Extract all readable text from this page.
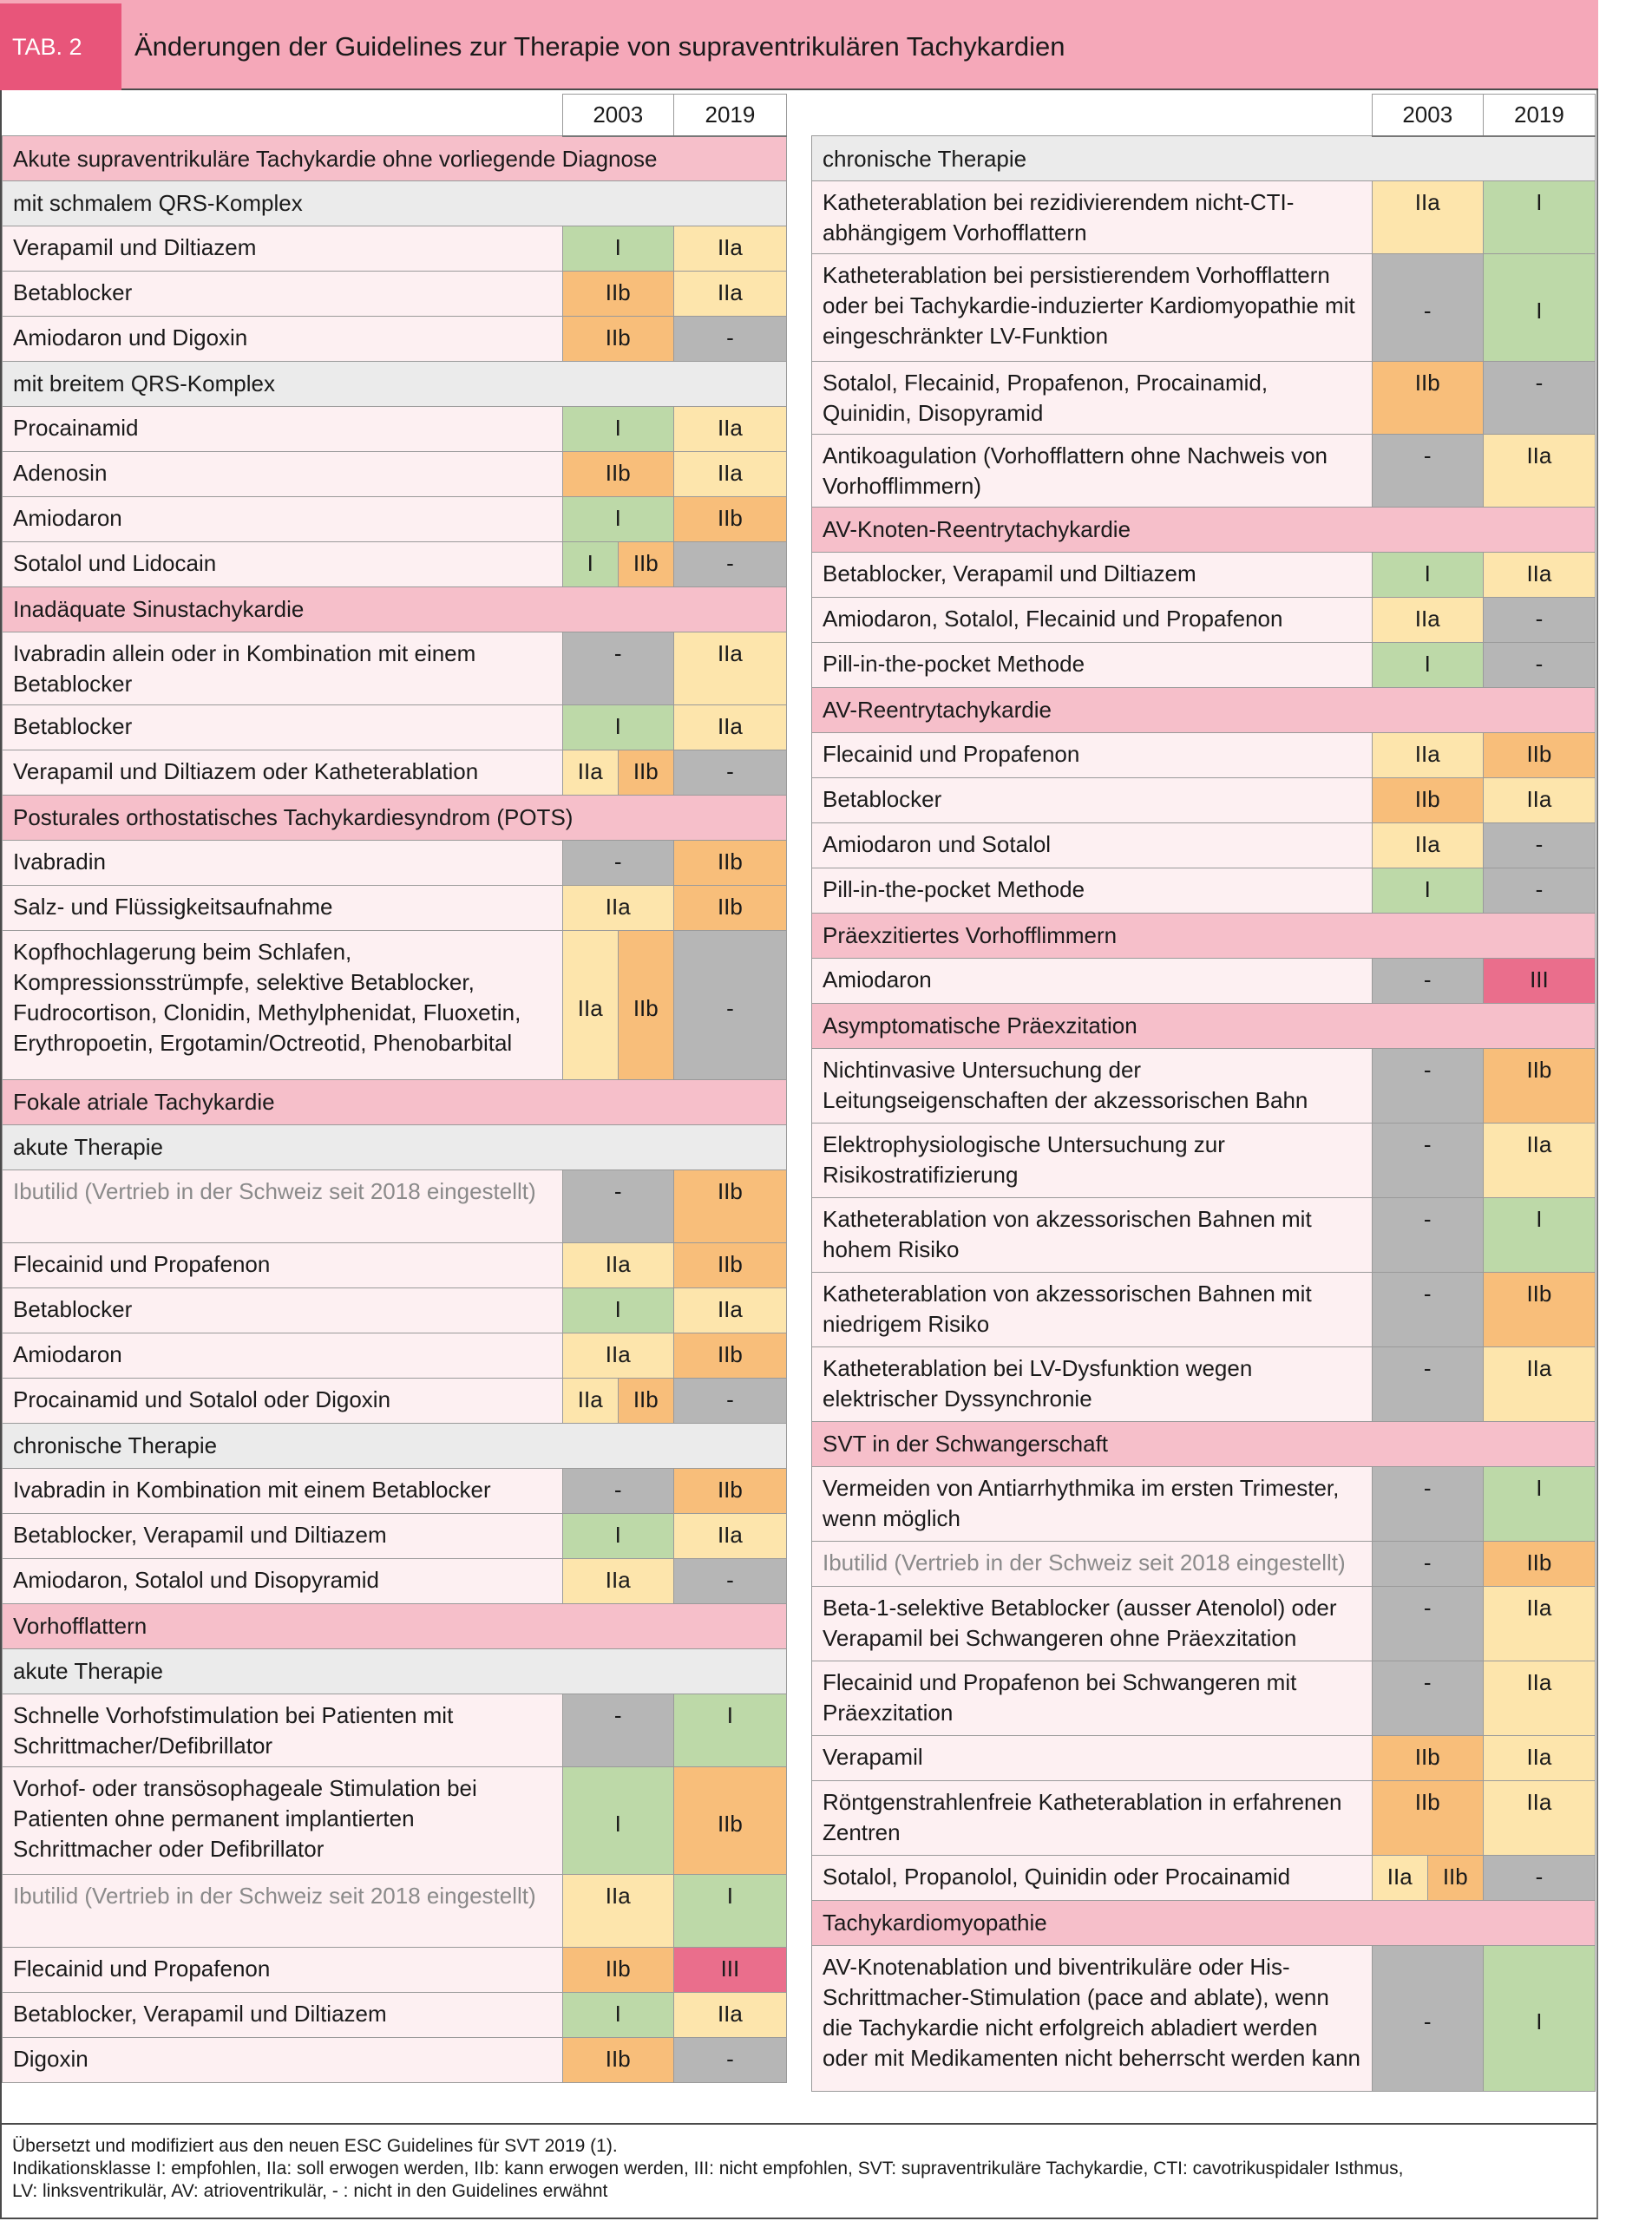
TAB. 2	Änderungen der Guidelines zur Therapie von supraventrikulären Tachykardien
	2003		2019
Akute supraventrikuläre Tachykardie ohne vorliegende Diagnose			
mit schmalem QRS-Komplex			
Verapamil und Diltiazem	I		IIa
Betablocker	IIb		IIa
Amiodaron und Digoxin	IIb		-
mit breitem QRS-Komplex			
Procainamid	I		IIa
Adenosin	IIb		IIa
Amiodaron	I		IIb
Sotalol und Lidocain	I	IIb	-
Inadäquate Sinustachykardie			
Ivabradin allein oder in Kombination mit einem Betablocker	-		IIa
Betablocker	I		IIa
Verapamil und Diltiazem oder Katheterablation	IIa	IIb	-
Posturales orthostatisches Tachykardiesyndrom (POTS)			
Ivabradin	-		IIb
Salz- und Flüssigkeitsaufnahme	IIa		IIb
Kopfhochlagerung beim Schlafen, Kompressionsstrümpfe, selektive Betablocker, Fudrocortison, Clonidin, Methylphenidat, Fluoxetin, Erythropoetin, Ergotamin/Octreotid, Phenobarbital	IIa	IIb	-
Fokale atriale Tachykardie			
akute Therapie			
Ibutilid (Vertrieb in der Schweiz seit 2018 eingestellt)	-		IIb
Flecainid und Propafenon	IIa		IIb
Betablocker	I		IIa
Amiodaron	IIa		IIb
Procainamid und Sotalol oder Digoxin	IIa	IIb	-
chronische Therapie			
Ivabradin in Kombination mit einem Betablocker	-		IIb
Betablocker, Verapamil und Diltiazem	I		IIa
Amiodaron, Sotalol und Disopyramid	IIa		-
Vorhofflattern			
akute Therapie			
Schnelle Vorhofstimulation bei Patienten mit Schrittmacher/Defibrillator	-		I
Vorhof- oder transösophageale Stimulation bei Patienten ohne permanent implantierten Schrittmacher oder Defibrillator	I		IIb
Ibutilid (Vertrieb in der Schweiz seit 2018 eingestellt)	IIa		I
Flecainid und Propafenon	IIb		III
Betablocker, Verapamil und Diltiazem	I		IIa
Digoxin	IIb		-
	2003		2019
chronische Therapie			
Katheterablation bei rezidivierendem nicht-CTI-abhängigem Vorhofflattern	IIa		I
Katheterablation bei persistierendem Vorhofflattern oder bei Tachykardie-induzierter Kardiomyopathie mit eingeschränkter LV-Funktion	-		I
Sotalol, Flecainid, Propafenon, Procainamid, Quinidin, Disopyramid	IIb		-
Antikoagulation (Vorhofflattern ohne Nachweis von Vorhofflimmern)	-		IIa
AV-Knoten-Reentrytachykardie			
Betablocker, Verapamil und Diltiazem	I		IIa
Amiodaron, Sotalol, Flecainid und Propafenon	IIa		-
Pill-in-the-pocket Methode	I		-
AV-Reentrytachykardie			
Flecainid und Propafenon	IIa		IIb
Betablocker	IIb		IIa
Amiodaron und Sotalol	IIa		-
Pill-in-the-pocket Methode	I		-
Präexzitiertes Vorhofflimmern			
Amiodaron	-		III
Asymptomatische Präexzitation			
Nichtinvasive Untersuchung der Leitungseigenschaften der akzessorischen Bahn	-		IIb
Elektrophysiologische Untersuchung zur Risikostratifizierung	-		IIa
Katheterablation von akzessorischen Bahnen mit hohem Risiko	-		I
Katheterablation von akzessorischen Bahnen mit niedrigem Risiko	-		IIb
Katheterablation bei LV-Dysfunktion wegen elektrischer Dyssynchronie	-		IIa
SVT in der Schwangerschaft			
Vermeiden von Antiarrhythmika im ersten Trimester, wenn möglich	-		I
Ibutilid (Vertrieb in der Schweiz seit 2018 eingestellt)	-		IIb
Beta-1-selektive Betablocker (ausser Atenolol) oder Verapamil bei Schwangeren ohne Präexzitation	-		IIa
Flecainid und Propafenon bei Schwangeren mit Präexzitation	-		IIa
Verapamil	IIb		IIa
Röntgenstrahlenfreie Katheterablation in erfahrenen Zentren	IIb		IIa
Sotalol, Propanolol, Quinidin oder Procainamid	IIa	IIb	-
Tachykardiomyopathie			
AV-Knotenablation und biventrikuläre oder His-Schrittmacher-Stimulation (pace and ablate), wenn die Tachykardie nicht erfolgreich abladiert werden oder mit Medikamenten nicht beherrscht werden kann	-		I
Übersetzt und modifiziert aus den neuen ESC Guidelines für SVT 2019 (1).
Indikationsklasse I: empfohlen, IIa: soll erwogen werden, IIb: kann erwogen werden, III: nicht empfohlen, SVT: supraventrikuläre Tachykardie, CTI: cavotrikuspidaler Isthmus,
LV: linksventrikulär, AV: atrioventrikulär, - : nicht in den Guidelines erwähnt
